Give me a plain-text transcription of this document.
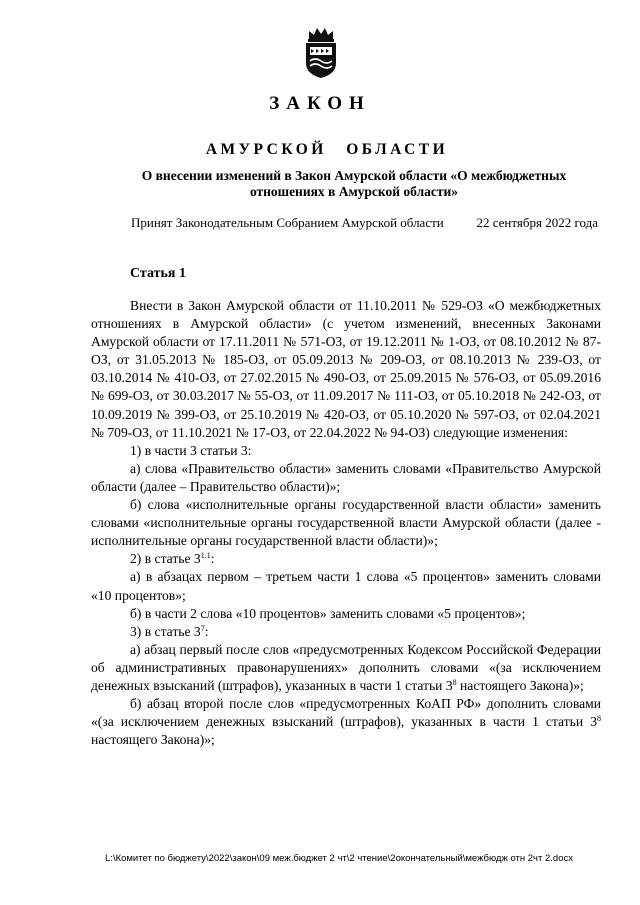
ЗАКОН
АМУРСКОЙ ОБЛАСТИ
О внесении изменений в Закон Амурской области «О межбюджетных отношениях в Амурской области»
Принят Законодательным Собранием Амурской области	22 сентября 2022 года
Статья 1

Внести в Закон Амурской области от 11.10.2011 № 529-ОЗ «О межбюджетных отношениях в Амурской области» (с учетом изменений, внесенных Законами Амурской области от 17.11.2011 № 571-ОЗ, от 19.12.2011 № 1-ОЗ, от 08.10.2012 № 87-ОЗ, от 31.05.2013 № 185-ОЗ, от 05.09.2013 № 209-ОЗ, от 08.10.2013 № 239-ОЗ, от 03.10.2014 № 410-ОЗ, от 27.02.2015 № 490-ОЗ, от 25.09.2015 № 576-ОЗ, от 05.09.2016 № 699-ОЗ, от 30.03.2017 № 55-ОЗ, от 11.09.2017 № 111-ОЗ, от 05.10.2018 № 242-ОЗ, от 10.09.2019 № 399-ОЗ, от 25.10.2019 № 420-ОЗ, от 05.10.2020 № 597-ОЗ, от 02.04.2021 № 709-ОЗ, от 11.10.2021 № 17-ОЗ, от 22.04.2022 № 94-ОЗ) следующие изменения:

1) в части 3 статьи 3:

а) слова «Правительство области» заменить словами «Правительство Амурской области (далее – Правительство области)»;

б) слова «исполнительные органы государственной власти области» заменить словами «исполнительные органы государственной власти Амурской области (далее - исполнительные органы государственной власти области)»;

2) в статье $3^{1.1}$:

а) в абзацах первом – третьем части 1 слова «5 процентов» заменить словами «10 процентов»;

б) в части 2 слова «10 процентов» заменить словами «5 процентов»;

3) в статье $3^7$:

а) абзац первый после слов «предусмотренных Кодексом Российской Федерации об административных правонарушениях» дополнить словами «(за исключением денежных взысканий (штрафов), указанных в части 1 статьи $3^8$ настоящего Закона)»;

б) абзац второй после слов «предусмотренных КоАП РФ» дополнить словами «(за исключением денежных взысканий (штрафов), указанных в части 1 статьи $3^8$ настоящего Закона)»;

L:\Комитет по бюджету\2022\закон\09 меж.бюджет 2 чт\2 чтение\2окончательный\межбюдж отн 2чт 2.docx
